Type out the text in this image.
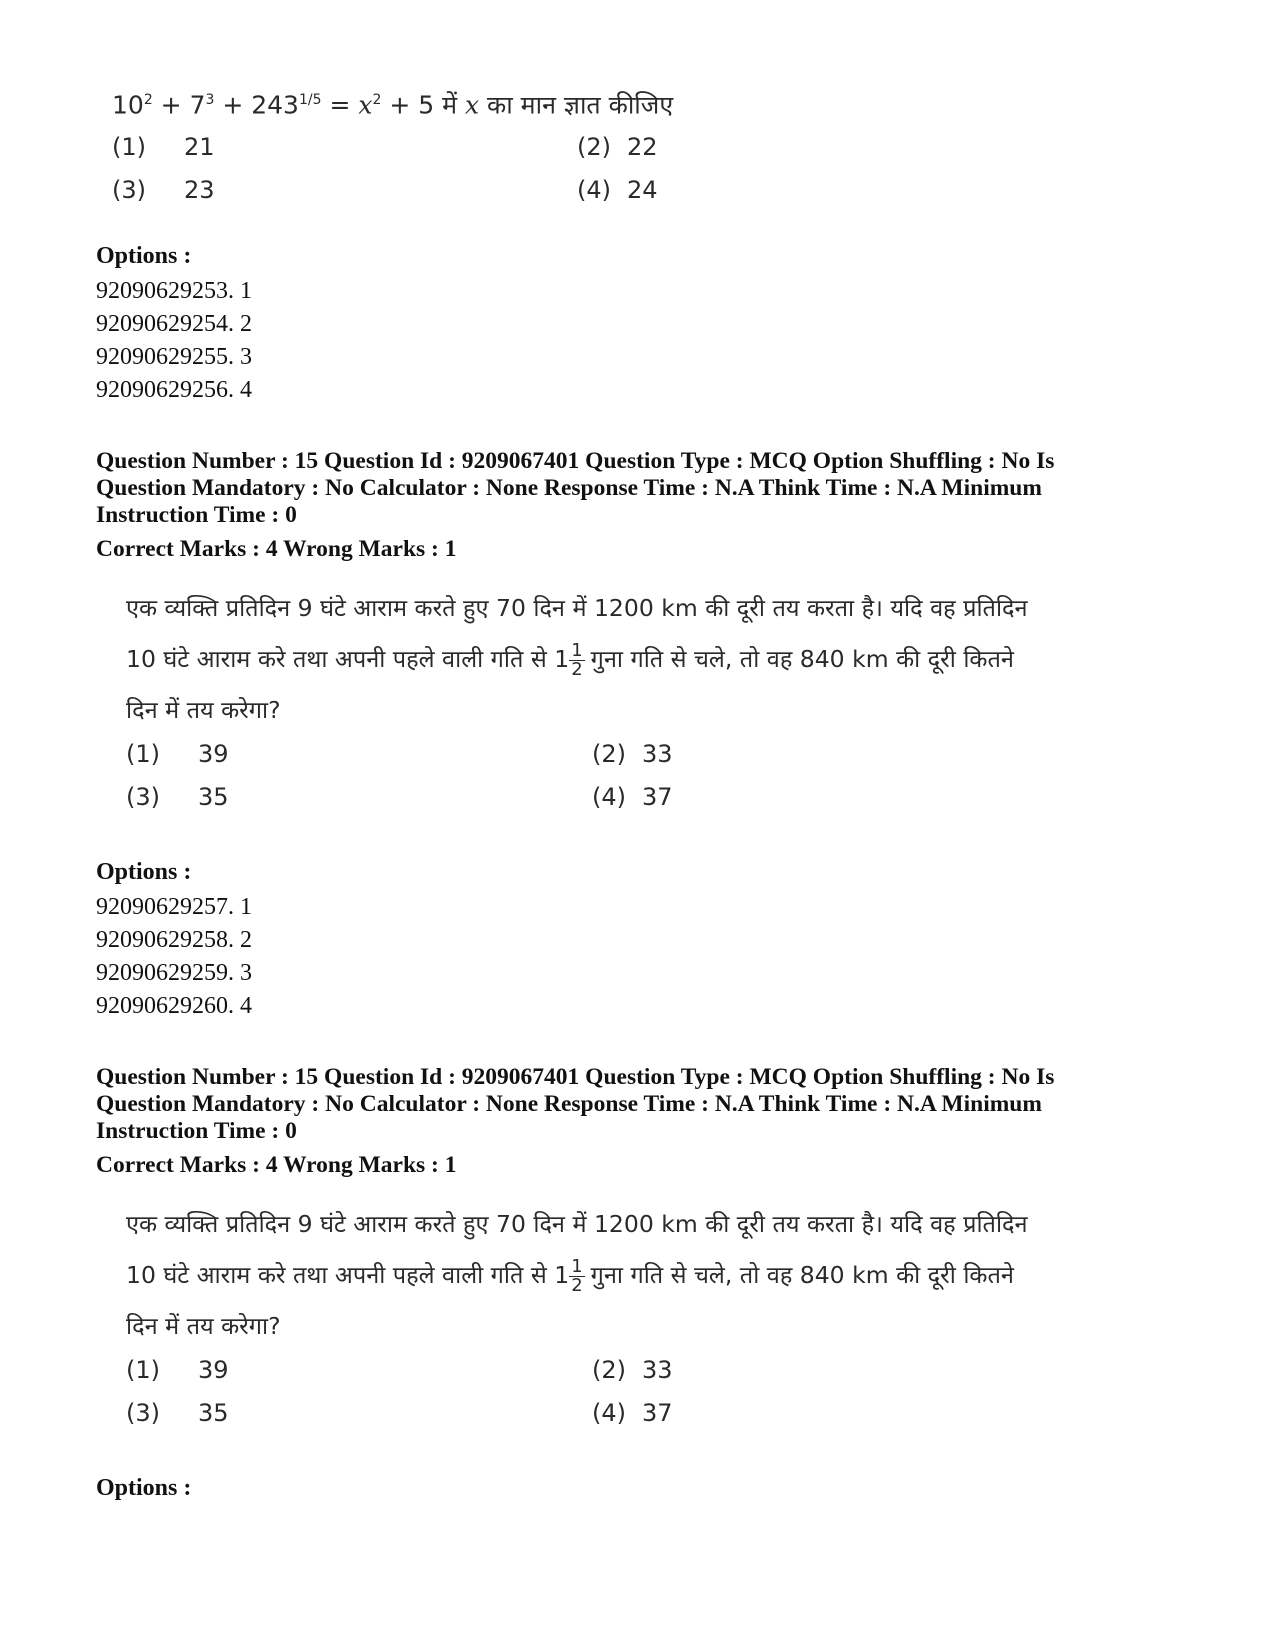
$10^2 + 7^3 + 243^{1/5} = x^2 + 5$ में x का मान ज्ञात कीजिए
(1) 21	(2) 22
(3) 23	(4) 24
Options :
92090629253. 1
92090629254. 2
92090629255. 3
92090629256. 4
Question Number : 15 Question Id : 9209067401 Question Type : MCQ Option Shuffling : No Is
Question Mandatory : No Calculator : None Response Time : N.A Think Time : N.A Minimum
Instruction Time : 0
Correct Marks : 4 Wrong Marks : 1
एक व्यक्ति प्रतिदिन 9 घंटे आराम करते हुए 70 दिन में 1200 km की दूरी तय करता है। यदि वह प्रतिदिन
10 घंटे आराम करे तथा अपनी पहले वाली गति से $1 \frac{1}{2}$ गुना गति से चले, तो वह 840 km की दूरी कितने
दिन में तय करेगा?
(1) 39	(2) 33
(3) 35	(4) 37
Options :
92090629257. 1
92090629258. 2
92090629259. 3
92090629260. 4
Question Number : 15 Question Id : 9209067401 Question Type : MCQ Option Shuffling : No Is
Question Mandatory : No Calculator : None Response Time : N.A Think Time : N.A Minimum
Instruction Time : 0
Correct Marks : 4 Wrong Marks : 1
एक व्यक्ति प्रतिदिन 9 घंटे आराम करते हुए 70 दिन में 1200 km की दूरी तय करता है। यदि वह प्रतिदिन
10 घंटे आराम करे तथा अपनी पहले वाली गति से $1 \frac{1}{2}$ गुना गति से चले, तो वह 840 km की दूरी कितने
दिन में तय करेगा?
(1) 39	(2) 33
(3) 35	(4) 37
Options :
